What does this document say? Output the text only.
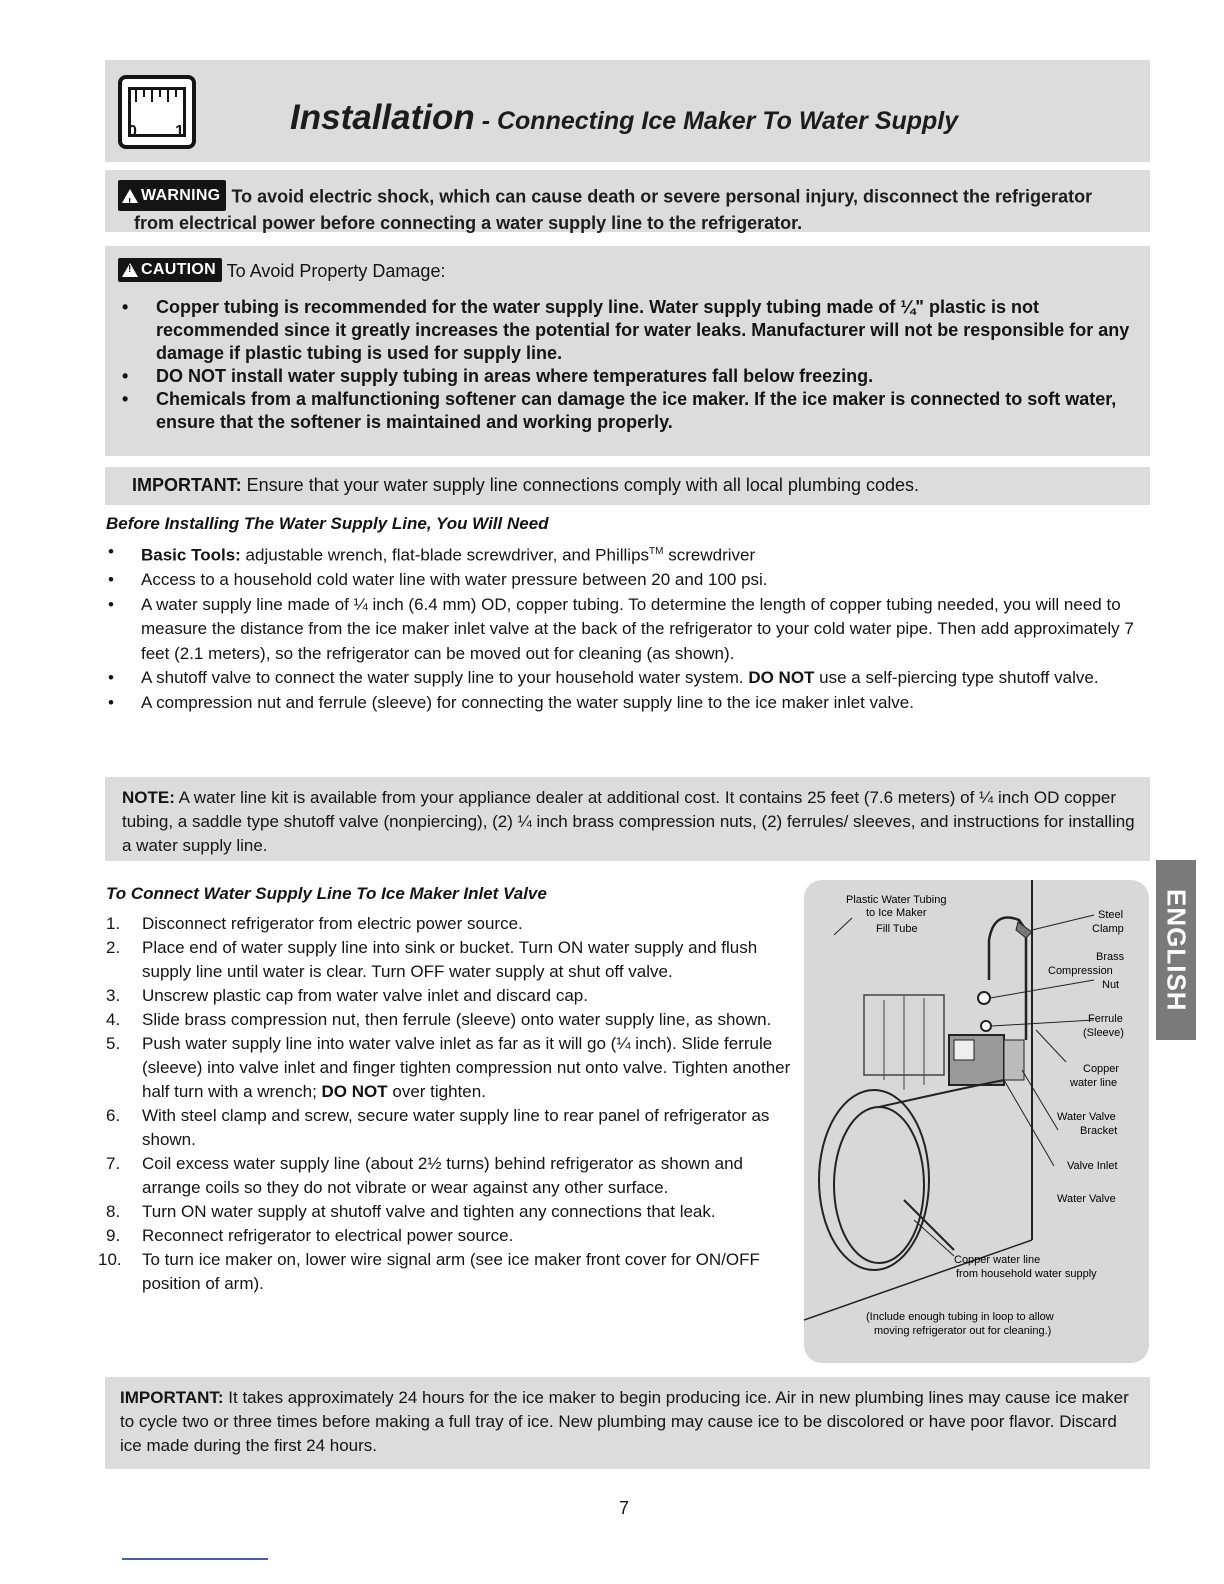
0 1	Installation - Connecting Ice Maker To Water Supply
!
WARNING To avoid electric shock, which can cause death or severe personal injury, disconnect the refrigerator
from electrical power before connecting a water supply line to the refrigerator.
!
CAUTION To Avoid Property Damage:
• Copper tubing is recommended for the water supply line. Water supply tubing made of ¼" plastic is not recommended since it greatly increases the potential for water leaks. Manufacturer will not be responsible for any damage if plastic tubing is used for supply line.
• DO NOT install water supply tubing in areas where temperatures fall below freezing.
• Chemicals from a malfunctioning softener can damage the ice maker. If the ice maker is connected to soft water, ensure that the softener is maintained and working properly.
IMPORTANT: Ensure that your water supply line connections comply with all local plumbing codes.
Before Installing The Water Supply Line, You Will Need
• Basic Tools: adjustable wrench, flat-blade screwdriver, and Phillips™ screwdriver
• Access to a household cold water line with water pressure between 20 and 100 psi.
• A water supply line made of ¼ inch (6.4 mm) OD, copper tubing. To determine the length of copper tubing needed, you will need to measure the distance from the ice maker inlet valve at the back of the refrigerator to your cold water pipe. Then add approximately 7 feet (2.1 meters), so the refrigerator can be moved out for cleaning (as shown).
• A shutoff valve to connect the water supply line to your household water system. DO NOT use a self-piercing type shutoff valve.
• A compression nut and ferrule (sleeve) for connecting the water supply line to the ice maker inlet valve.
NOTE: A water line kit is available from your appliance dealer at additional cost. It contains 25 feet (7.6 meters) of ¼ inch OD copper tubing, a saddle type shutoff valve (nonpiercing), (2) ¼ inch brass compression nuts, (2) ferrules/ sleeves, and instructions for installing a water supply line.
To Connect Water Supply Line To Ice Maker Inlet Valve
1. Disconnect refrigerator from electric power source.
2. Place end of water supply line into sink or bucket. Turn ON water supply and flush supply line until water is clear. Turn OFF water supply at shut off valve.
3. Unscrew plastic cap from water valve inlet and discard cap.
4. Slide brass compression nut, then ferrule (sleeve) onto water supply line, as shown.
5. Push water supply line into water valve inlet as far as it will go (¼ inch). Slide ferrule (sleeve) into valve inlet and finger tighten compression nut onto valve. Tighten another half turn with a wrench; DO NOT over tighten.
6. With steel clamp and screw, secure water supply line to rear panel of refrigerator as shown.
7. Coil excess water supply line (about 2½ turns) behind refrigerator as shown and arrange coils so they do not vibrate or wear against any other surface.
8. Turn ON water supply at shutoff valve and tighten any connections that leak.
9. Reconnect refrigerator to electrical power source.
10. To turn ice maker on, lower wire signal arm (see ice maker front cover for ON/OFF position of arm).
Plastic Water Tubing
to Ice Maker
Fill Tube
Steel
Clamp
Brass
Compression
Nut
Ferrule
(Sleeve)
Copper
water line
Water Valve
Bracket
Valve Inlet
Water Valve
Copper water line
from household water supply
(Include enough tubing in loop to allow
moving refrigerator out for cleaning.)
ENGLISH
IMPORTANT: It takes approximately 24 hours for the ice maker to begin producing ice. Air in new plumbing lines may cause ice maker to cycle two or three times before making a full tray of ice. New plumbing may cause ice to be discolored or have poor flavor. Discard ice made during the first 24 hours.
7
